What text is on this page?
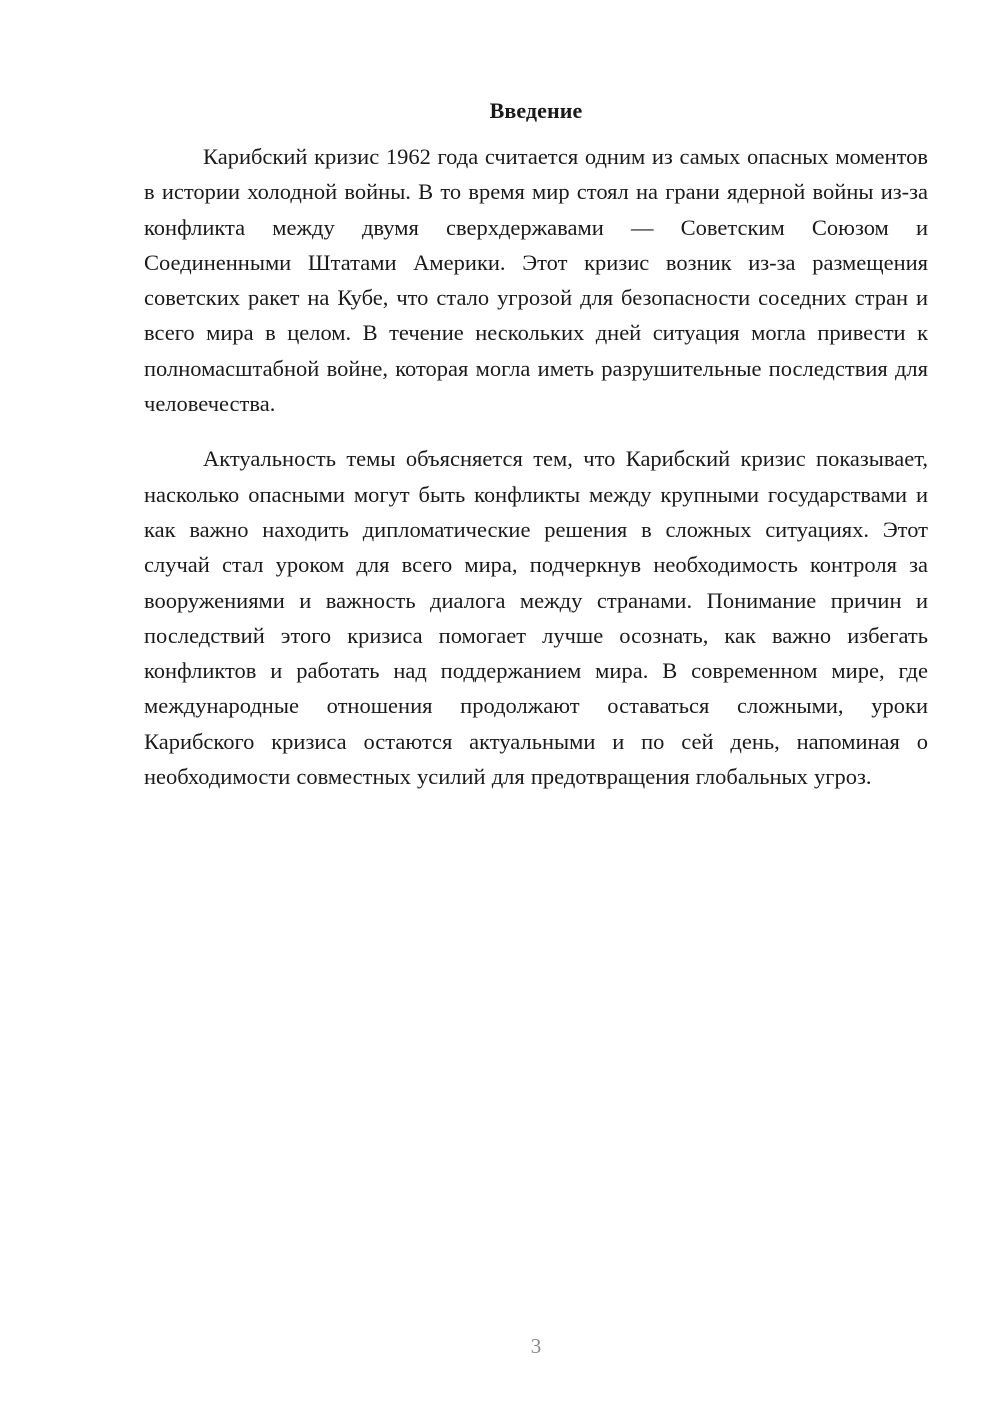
Введение

Карибский кризис 1962 года считается одним из самых опасных моментов в истории холодной войны. В то время мир стоял на грани ядерной войны из-за конфликта между двумя сверхдержавами — Советским Союзом и Соединенными Штатами Америки. Этот кризис возник из-за размещения советских ракет на Кубе, что стало угрозой для безопасности соседних стран и всего мира в целом. В течение нескольких дней ситуация могла привести к полномасштабной войне, которая могла иметь разрушительные последствия для человечества.

Актуальность темы объясняется тем, что Карибский кризис показывает, насколько опасными могут быть конфликты между крупными государствами и как важно находить дипломатические решения в сложных ситуациях. Этот случай стал уроком для всего мира, подчеркнув необходимость контроля за вооружениями и важность диалога между странами. Понимание причин и последствий этого кризиса помогает лучше осознать, как важно избегать конфликтов и работать над поддержанием мира. В современном мире, где международные отношения продолжают оставаться сложными, уроки Карибского кризиса остаются актуальными и по сей день, напоминая о необходимости совместных усилий для предотвращения глобальных угроз.

3
